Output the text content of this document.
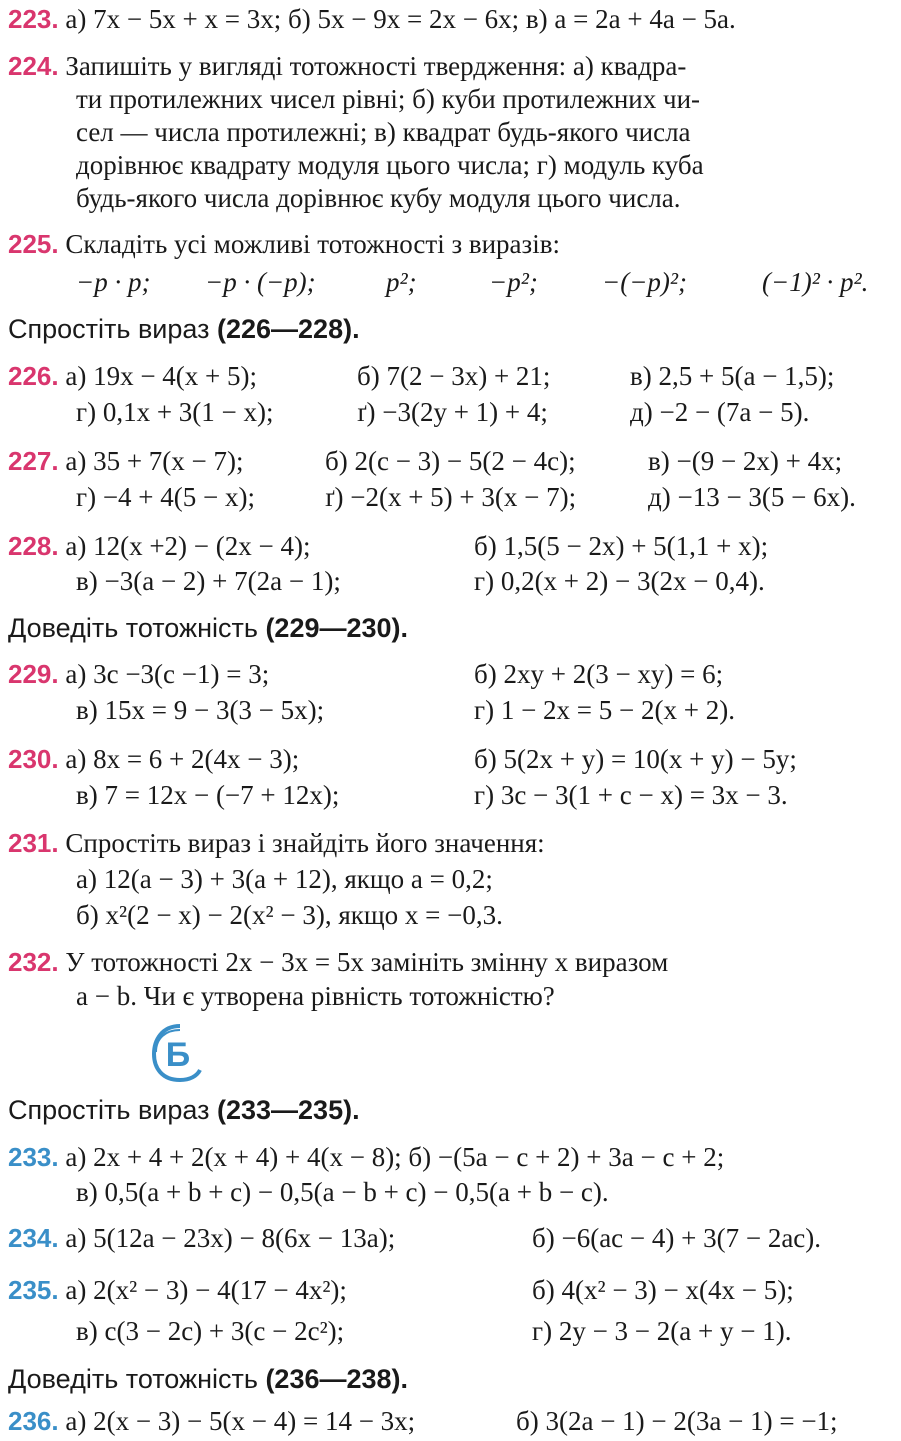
223. а) 7x − 5x + x = 3x; б) 5x − 9x = 2x − 6x; в) a = 2a + 4a − 5a.
224. Запишіть у вигляді тотожності твердження: а) квадра-
ти протилежних чисел рівні; б) куби протилежних чи-
сел — числа протилежні; в) квадрат будь-якого числа
дорівнює квадрату модуля цього числа; г) модуль куба
будь-якого числа дорівнює кубу модуля цього числа.
225. Складіть усі можливі тотожності з виразів:
−p · p; −p · (−p);	p²;	−p²; −(−p)²;	(−1)² · p².
Спростіть вираз (226—228).
226. а) 19x − 4(x + 5);	б) 7(2 − 3x) + 21;	в) 2,5 + 5(a − 1,5);
г) 0,1x + 3(1 − x);	ґ) −3(2y + 1) + 4;	д) −2 − (7a − 5).
227. а) 35 + 7(x − 7);	б) 2(c − 3) − 5(2 − 4c);	в) −(9 − 2x) + 4x;
г) −4 + 4(5 − x);	ґ) −2(x + 5) + 3(x − 7);	д) −13 − 3(5 − 6x).
228. а) 12(x +2) − (2x − 4);	б) 1,5(5 − 2x) + 5(1,1 + x);
в) −3(a − 2) + 7(2a − 1);	г) 0,2(x + 2) − 3(2x − 0,4).
Доведіть тотожність (229—230).
229. а) 3c −3(c −1) = 3;	б) 2xy + 2(3 − xy) = 6;
в) 15x = 9 − 3(3 − 5x);	г) 1 − 2x = 5 − 2(x + 2).
230. а) 8x = 6 + 2(4x − 3);	б) 5(2x + y) = 10(x + y) − 5y;
в) 7 = 12x − (−7 + 12x);	г) 3c − 3(1 + c − x) = 3x − 3.
231. Спростіть вираз і знайдіть його значення:
а) 12(a − 3) + 3(a + 12), якщо a = 0,2;
б) x²(2 − x) − 2(x² − 3), якщо x = −0,3.
232. У тотожності 2x − 3x = 5x замініть змінну x виразом
a − b. Чи є утворена рівність тотожністю?
Б
Спростіть вираз (233—235).
233. а) 2x + 4 + 2(x + 4) + 4(x − 8); б) −(5a − c + 2) + 3a − c + 2;
в) 0,5(a + b + c) − 0,5(a − b + c) − 0,5(a + b − c).
234. а) 5(12a − 23x) − 8(6x − 13a);	б) −6(ac − 4) + 3(7 − 2ac).
235. а) 2(x² − 3) − 4(17 − 4x²);	б) 4(x² − 3) − x(4x − 5);
в) c(3 − 2c) + 3(c − 2c²);	г) 2y − 3 − 2(a + y − 1).
Доведіть тотожність (236—238).
236. а) 2(x − 3) − 5(x − 4) = 14 − 3x;	б) 3(2a − 1) − 2(3a − 1) = −1;
